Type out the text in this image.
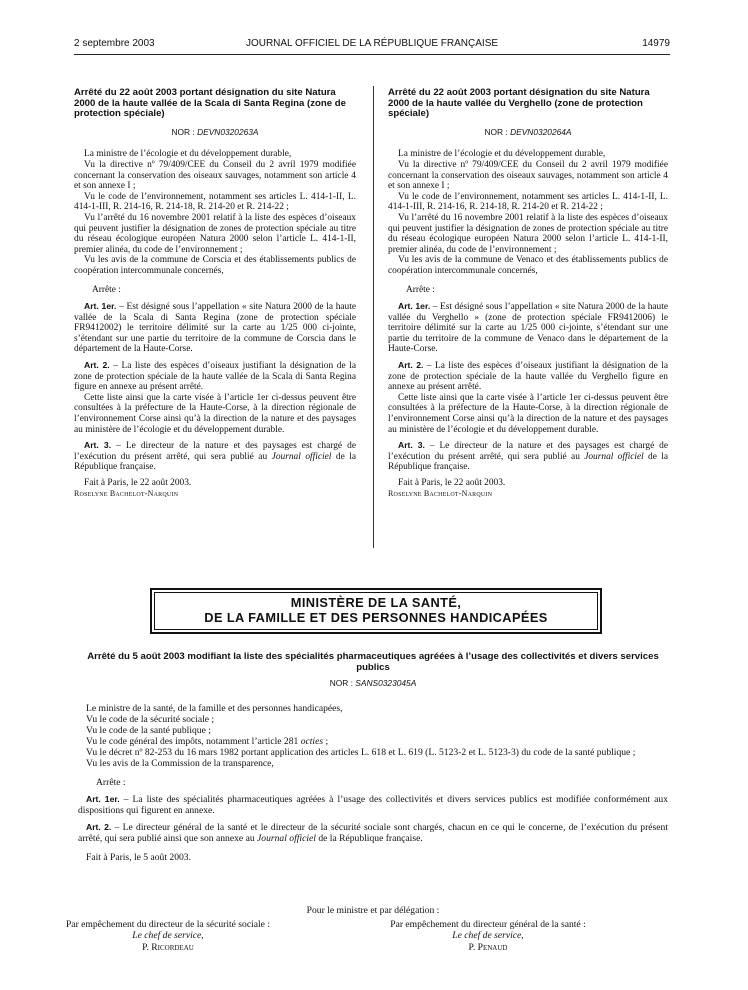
2 septembre 2003	JOURNAL OFFICIEL DE LA RÉPUBLIQUE FRANÇAISE	14979
Arrêté du 22 août 2003 portant désignation du site Natura 2000 de la haute vallée de la Scala di Santa Regina (zone de protection spéciale)
NOR : DEVN0320263A

La ministre de l’écologie et du développement durable,

Vu la directive nº 79/409/CEE du Conseil du 2 avril 1979 modifiée concernant la conservation des oiseaux sauvages, notamment son article 4 et son annexe I ;

Vu le code de l’environnement, notamment ses articles L. 414-1-II, L. 414-1-III, R. 214-16, R. 214-18, R. 214-20 et R. 214-22 ;

Vu l’arrêté du 16 novembre 2001 relatif à la liste des espèces d’oiseaux qui peuvent justifier la désignation de zones de protection spéciale au titre du réseau écologique européen Natura 2000 selon l’article L. 414-1-II, premier alinéa, du code de l’environnement ;

Vu les avis de la commune de Corscia et des établissements publics de coopération intercommunale concernés,

Arrête :

Art. 1er. – Est désigné sous l’appellation « site Natura 2000 de la haute vallée de la Scala di Santa Regina (zone de protection spéciale FR9412002) le territoire délimité sur la carte au 1/25 000 ci-jointe, s’étendant sur une partie du territoire de la commune de Corscia dans le département de la Haute-Corse.

Art. 2. – La liste des espèces d’oiseaux justifiant la désignation de la zone de protection spéciale de la haute vallée de la Scala di Santa Regina figure en annexe au présent arrêté.

Cette liste ainsi que la carte visée à l’article 1er ci-dessus peuvent être consultées à la préfecture de la Haute-Corse, à la direction régionale de l’environnement Corse ainsi qu’à la direction de la nature et des paysages au ministère de l’écologie et du développement durable.

Art. 3. – Le directeur de la nature et des paysages est chargé de l’exécution du présent arrêté, qui sera publié au Journal officiel de la République française.

Fait à Paris, le 22 août 2003.

Roselyne Bachelot-Narquin

Arrêté du 22 août 2003 portant désignation du site Natura 2000 de la haute vallée du Verghello (zone de protection spéciale)
NOR : DEVN0320264A

La ministre de l’écologie et du développement durable,

Vu la directive nº 79/409/CEE du Conseil du 2 avril 1979 modifiée concernant la conservation des oiseaux sauvages, notamment son article 4 et son annexe I ;

Vu le code de l’environnement, notamment ses articles L. 414-1-II, L. 414-1-III, R. 214-16, R. 214-18, R. 214-20 et R. 214-22 ;

Vu l’arrêté du 16 novembre 2001 relatif à la liste des espèces d’oiseaux qui peuvent justifier la désignation de zones de protection spéciale au titre du réseau écologique européen Natura 2000 selon l’article L. 414-1-II, premier alinéa, du code de l’environnement ;

Vu les avis de la commune de Venaco et des établissements publics de coopération intercommunale concernés,

Arrête :

Art. 1er. – Est désigné sous l’appellation « site Natura 2000 de la haute vallée du Verghello » (zone de protection spéciale FR9412006) le territoire délimité sur la carte au 1/25 000 ci-jointe, s’étendant sur une partie du territoire de la commune de Venaco dans le département de la Haute-Corse.

Art. 2. – La liste des espèces d’oiseaux justifiant la désignation de la zone de protection spéciale de la haute vallée du Verghello figure en annexe au présent arrêté.

Cette liste ainsi que la carte visée à l’article 1er ci-dessus peuvent être consultées à la préfecture de la Haute-Corse, à la direction régionale de l’environnement Corse ainsi qu’à la direction de la nature et des paysages au ministère de l’écologie et du développement durable.

Art. 3. – Le directeur de la nature et des paysages est chargé de l’exécution du présent arrêté, qui sera publié au Journal officiel de la République française.

Fait à Paris, le 22 août 2003.

Roselyne Bachelot-Narquin

MINISTÈRE DE LA SANTÉ,
DE LA FAMILLE ET DES PERSONNES HANDICAPÉES
Arrêté du 5 août 2003 modifiant la liste des spécialités pharmaceutiques agréées à l’usage des collectivités et divers services publics
NOR : SANS0323045A

Le ministre de la santé, de la famille et des personnes handicapées,

Vu le code de la sécurité sociale ;

Vu le code de la santé publique ;

Vu le code général des impôts, notamment l’article 281 octies ;

Vu le décret nº 82-253 du 16 mars 1982 portant application des articles L. 618 et L. 619 (L. 5123-2 et L. 5123-3) du code de la santé publique ;

Vu les avis de la Commission de la transparence,

Arrête :

Art. 1er. – La liste des spécialités pharmaceutiques agréées à l’usage des collectivités et divers services publics est modifiée conformément aux dispositions qui figurent en annexe.

Art. 2. – Le directeur général de la santé et le directeur de la sécurité sociale sont chargés, chacun en ce qui le concerne, de l’exécution du présent arrêté, qui sera publié ainsi que son annexe au Journal officiel de la République française.

Fait à Paris, le 5 août 2003.

Pour le ministre et par délégation :
Par empêchement du directeur de la sécurité sociale :
Le chef de service,
P. Ricordeau
Par empêchement du directeur général de la santé :
Le chef de service,
P. Penaud
